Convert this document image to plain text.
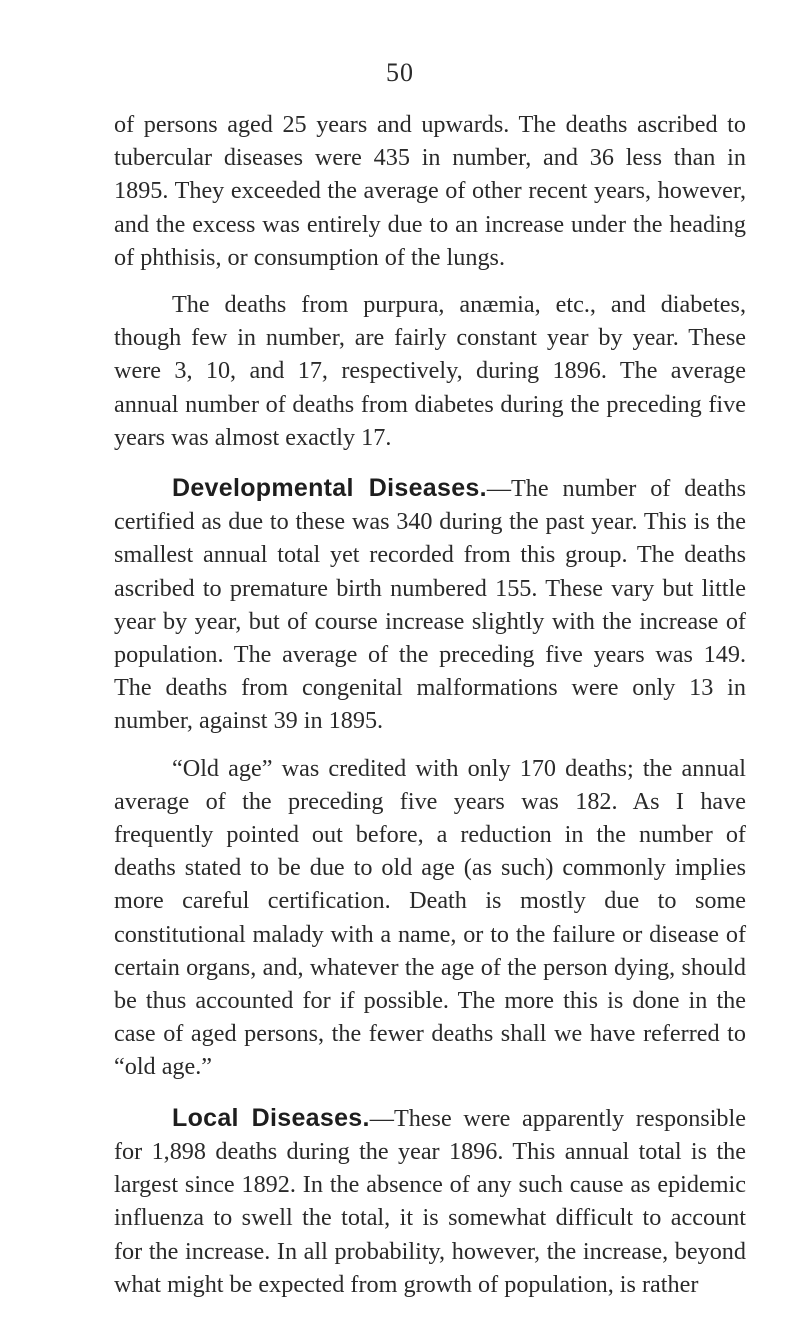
50

of persons aged 25 years and upwards. The deaths ascribed to tubercular diseases were 435 in number, and 36 less than in 1895. They exceeded the average of other recent years, however, and the excess was entirely due to an increase under the heading of phthisis, or consumption of the lungs.

The deaths from purpura, anæmia, etc., and diabetes, though few in number, are fairly constant year by year. These were 3, 10, and 17, respectively, during 1896. The average annual number of deaths from diabetes during the preceding five years was almost exactly 17.

Developmental Diseases.—The number of deaths certified as due to these was 340 during the past year. This is the smallest annual total yet recorded from this group. The deaths ascribed to premature birth numbered 155. These vary but little year by year, but of course increase slightly with the increase of population. The average of the preceding five years was 149. The deaths from congenital malformations were only 13 in number, against 39 in 1895.

“Old age” was credited with only 170 deaths; the annual average of the preceding five years was 182. As I have frequently pointed out before, a reduction in the number of deaths stated to be due to old age (as such) commonly implies more careful certification. Death is mostly due to some constitutional malady with a name, or to the failure or disease of certain organs, and, whatever the age of the person dying, should be thus accounted for if possible. The more this is done in the case of aged persons, the fewer deaths shall we have referred to “old age.”

Local Diseases.—These were apparently responsible for 1,898 deaths during the year 1896. This annual total is the largest since 1892. In the absence of any such cause as epidemic influenza to swell the total, it is somewhat difficult to account for the increase. In all probability, however, the increase, beyond what might be expected from growth of population, is rather
